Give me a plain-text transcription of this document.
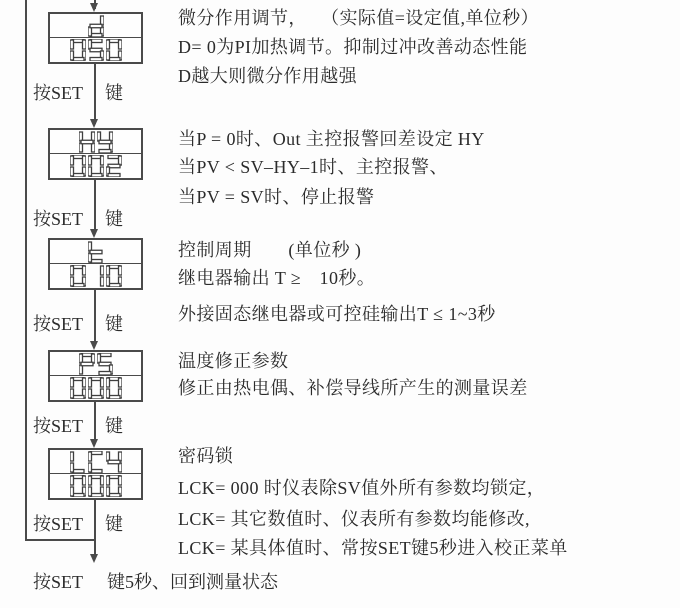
按SET 键
按SET 键
按SET 键
按SET 键
按SET 键
微分作用调节，　 （实际值=设定值,单位秒）
D= 0为PI加热调节。抑制过冲改善动态性能
D越大则微分作用越强
当P = 0时、Out 主控报警回差设定 HY
当PV < SV–HY–1时、主控报警、
当PV = SV时、停止报警
控制周期　　(单位秒 )
继电器输出 T ≥　10秒。
外接固态继电器或可控硅输出T ≤ 1~3秒
温度修正参数
修正由热电偶、补偿导线所产生的测量误差
密码锁
LCK= 000 时仪表除SV值外所有参数均锁定，
LCK= 其它数值时、仪表所有参数均能修改,
LCK= 某具体值时、常按SET键5秒进入校正菜单
按SET 键5秒、回到测量状态
